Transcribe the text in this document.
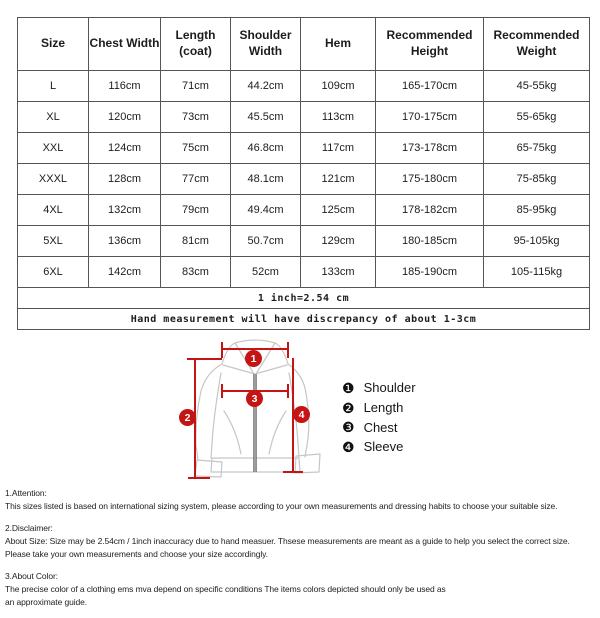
Size	Chest Width	Length (coat)	Shoulder Width	Hem	Recommended Height	Recommended Weight
L	116cm	71cm	44.2cm	109cm	165-170cm	45-55kg
XL	120cm	73cm	45.5cm	113cm	170-175cm	55-65kg
XXL	124cm	75cm	46.8cm	117cm	173-178cm	65-75kg
XXXL	128cm	77cm	48.1cm	121cm	175-180cm	75-85kg
4XL	132cm	79cm	49.4cm	125cm	178-182cm	85-95kg
5XL	136cm	81cm	50.7cm	129cm	180-185cm	95-105kg
6XL	142cm	83cm	52cm	133cm	185-190cm	105-115kg
1 inch=2.54 cm						
Hand measurement will have discrepancy of about 1-3cm						
1
2
3
4
❶ Shoulder
❷ Length
❸ Chest
❹ Sleeve
1.Attention:
This sizes listed is based on international sizing system, please according to your own measurements and dressing habits to choose your suitable size.
2.Disclaimer:
About Size: Size may be 2.54cm / 1inch inaccuracy due to hand measuer. Thsese measurements are meant as a guide to help you select the correct size.
Please take your own measurements and choose your size accordingly.
3.About Color:
The precise color of a clothing ems mva depend on specific conditions The items colors depicted should only be used as
an approximate guide.
